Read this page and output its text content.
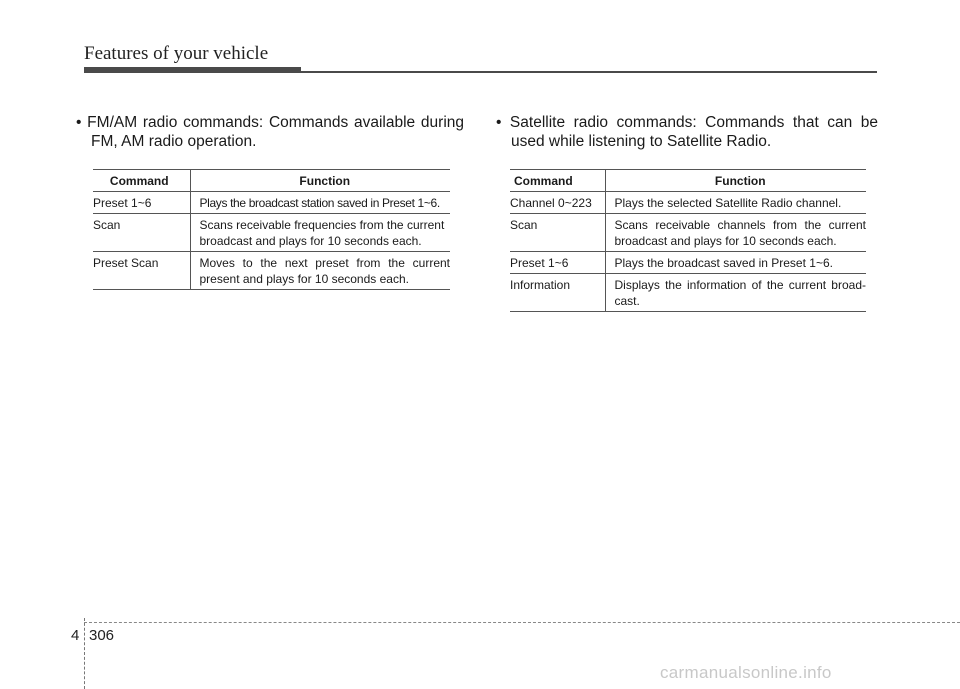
Features of your vehicle
• FM/AM radio commands: Commands available during
FM, AM radio operation.
Command	Function
Preset 1~6	Plays the broadcast station saved in Preset 1~6.

Scan	Scans receivable frequencies from the current
broadcast and plays for 10 seconds each.

Preset Scan	Moves to the next preset from the current
present and plays for 10 seconds each.
• Satellite radio commands: Commands that can be
used while listening to Satellite Radio.
Command	Function
Channel 0~223	Plays the selected Satellite Radio channel.

Scan	Scans receivable channels from the current
broadcast and plays for 10 seconds each.

Preset 1~6	Plays the broadcast saved in Preset 1~6.

Information	Displays the information of the current broad-
cast.
4 306
carmanualsonline.info
